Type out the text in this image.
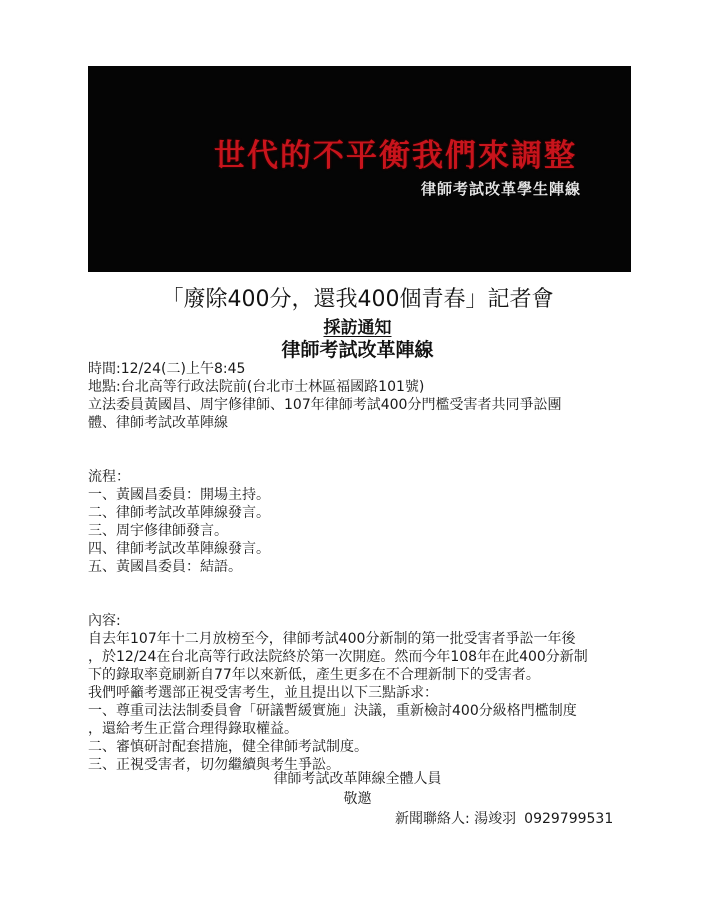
世代的不平衡我們來調整
律師考試改革學生陣線
「廢除400分，還我400個青春」記者會
採訪通知
律師考試改革陣線
時間:12/24(二)上午8:45
地點:台北高等行政法院前(台北市士林區福國路101號)
立法委員黃國昌、周宇修律師、107年律師考試400分門檻受害者共同爭訟團
體、律師考試改革陣線
流程：
一、黃國昌委員：開場主持。
二、律師考試改革陣線發言。
三、周宇修律師發言。
四、律師考試改革陣線發言。
五、黃國昌委員：結語。
內容:
自去年107年十二月放榜至今，律師考試400分新制的第一批受害者爭訟一年後
，於12/24在台北高等行政法院終於第一次開庭。然而今年108年在此400分新制
下的錄取率竟刷新自77年以來新低，產生更多在不合理新制下的受害者。
我們呼籲考選部正視受害考生，並且提出以下三點訴求：
一、尊重司法法制委員會「研議暫緩實施」決議，重新檢討400分級格門檻制度
，還給考生正當合理得錄取權益。
二、審慎研討配套措施，健全律師考試制度。
三、正視受害者，切勿繼續與考生爭訟。
律師考試改革陣線全體人員
敬邀
新聞聯絡人: 湯竣羽 0929799531
